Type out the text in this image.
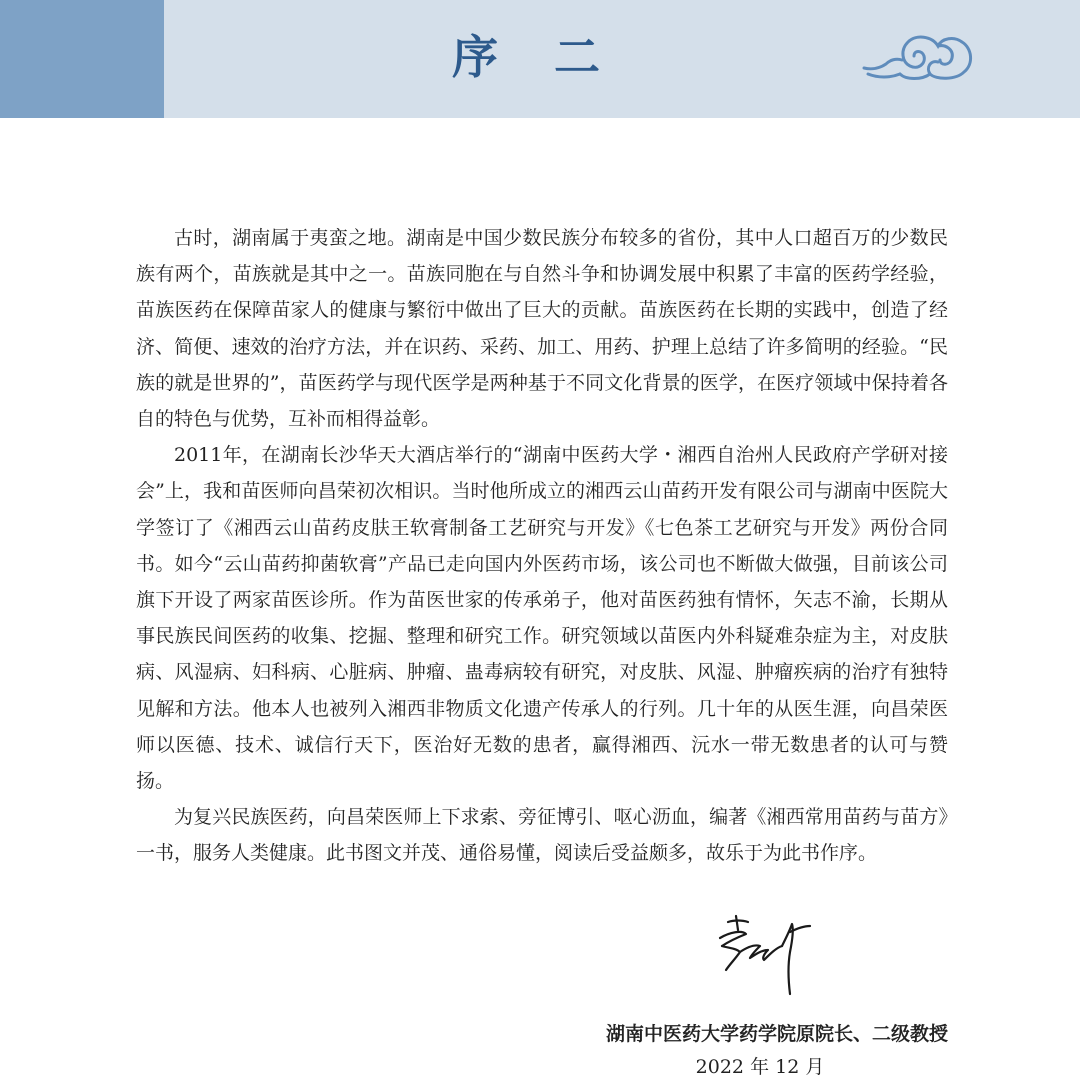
序二

古时，湖南属于夷蛮之地。湖南是中国少数民族分布较多的省份，其中人口超百万的少数民族有两个，苗族就是其中之一。苗族同胞在与自然斗争和协调发展中积累了丰富的医药学经验，苗族医药在保障苗家人的健康与繁衍中做出了巨大的贡献。苗族医药在长期的实践中，创造了经济、简便、速效的治疗方法，并在识药、采药、加工、用药、护理上总结了许多简明的经验。“民族的就是世界的”，苗医药学与现代医学是两种基于不同文化背景的医学，在医疗领域中保持着各自的特色与优势，互补而相得益彰。

2011年，在湖南长沙华天大酒店举行的“湖南中医药大学・湘西自治州人民政府产学研对接会”上，我和苗医师向昌荣初次相识。当时他所成立的湘西云山苗药开发有限公司与湖南中医院大学签订了《湘西云山苗药皮肤王软膏制备工艺研究与开发》《七色茶工艺研究与开发》两份合同书。如今“云山苗药抑菌软膏”产品已走向国内外医药市场，该公司也不断做大做强，目前该公司旗下开设了两家苗医诊所。作为苗医世家的传承弟子，他对苗医药独有情怀，矢志不渝，长期从事民族民间医药的收集、挖掘、整理和研究工作。研究领域以苗医内外科疑难杂症为主，对皮肤病、风湿病、妇科病、心脏病、肿瘤、蛊毒病较有研究，对皮肤、风湿、肿瘤疾病的治疗有独特见解和方法。他本人也被列入湘西非物质文化遗产传承人的行列。几十年的从医生涯，向昌荣医师以医德、技术、诚信行天下，医治好无数的患者，赢得湘西、沅水一带无数患者的认可与赞扬。

为复兴民族医药，向昌荣医师上下求索、旁征博引、呕心沥血，编著《湘西常用苗药与苗方》一书，服务人类健康。此书图文并茂、通俗易懂，阅读后受益颇多，故乐于为此书作序。

湖南中医药大学药学院原院长、二级教授
2022 年 12 月
